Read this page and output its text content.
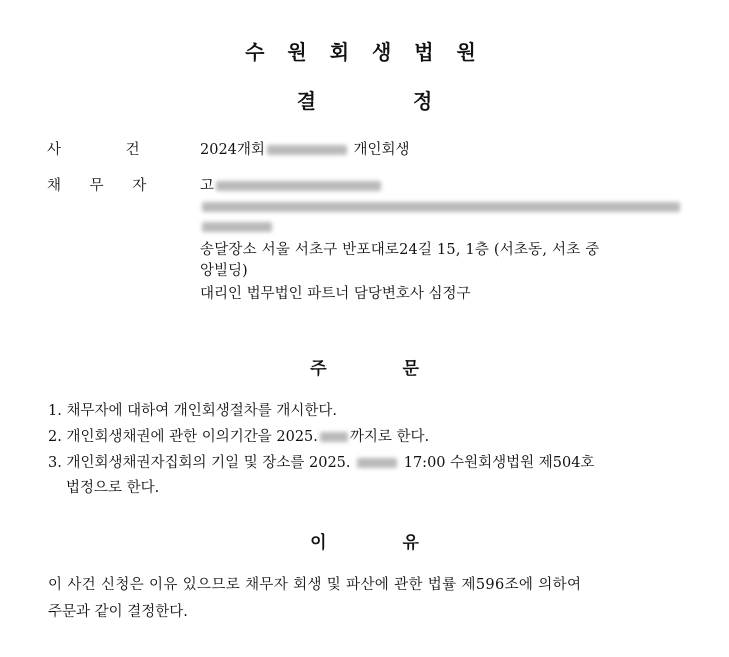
수 원 회 생 법 원
결 정
사 건	2024개회	개인회생
채 무 자	고
송달장소 서울 서초구 반포대로24길 15, 1층 (서초동, 서초 중
앙빌딩)
대리인 법무법인 파트너 담당변호사 심정구
주 문
1. 채무자에 대하여 개인회생절차를 개시한다.
2. 개인회생채권에 관한 이의기간을 2025. 까지로 한다.
3. 개인회생채권자집회의 기일 및 장소를 2025.	17:00 수원회생법원 제504호
법정으로 한다.
이 유
이 사건 신청은 이유 있으므로 채무자 회생 및 파산에 관한 법률 제596조에 의하여
주문과 같이 결정한다.
